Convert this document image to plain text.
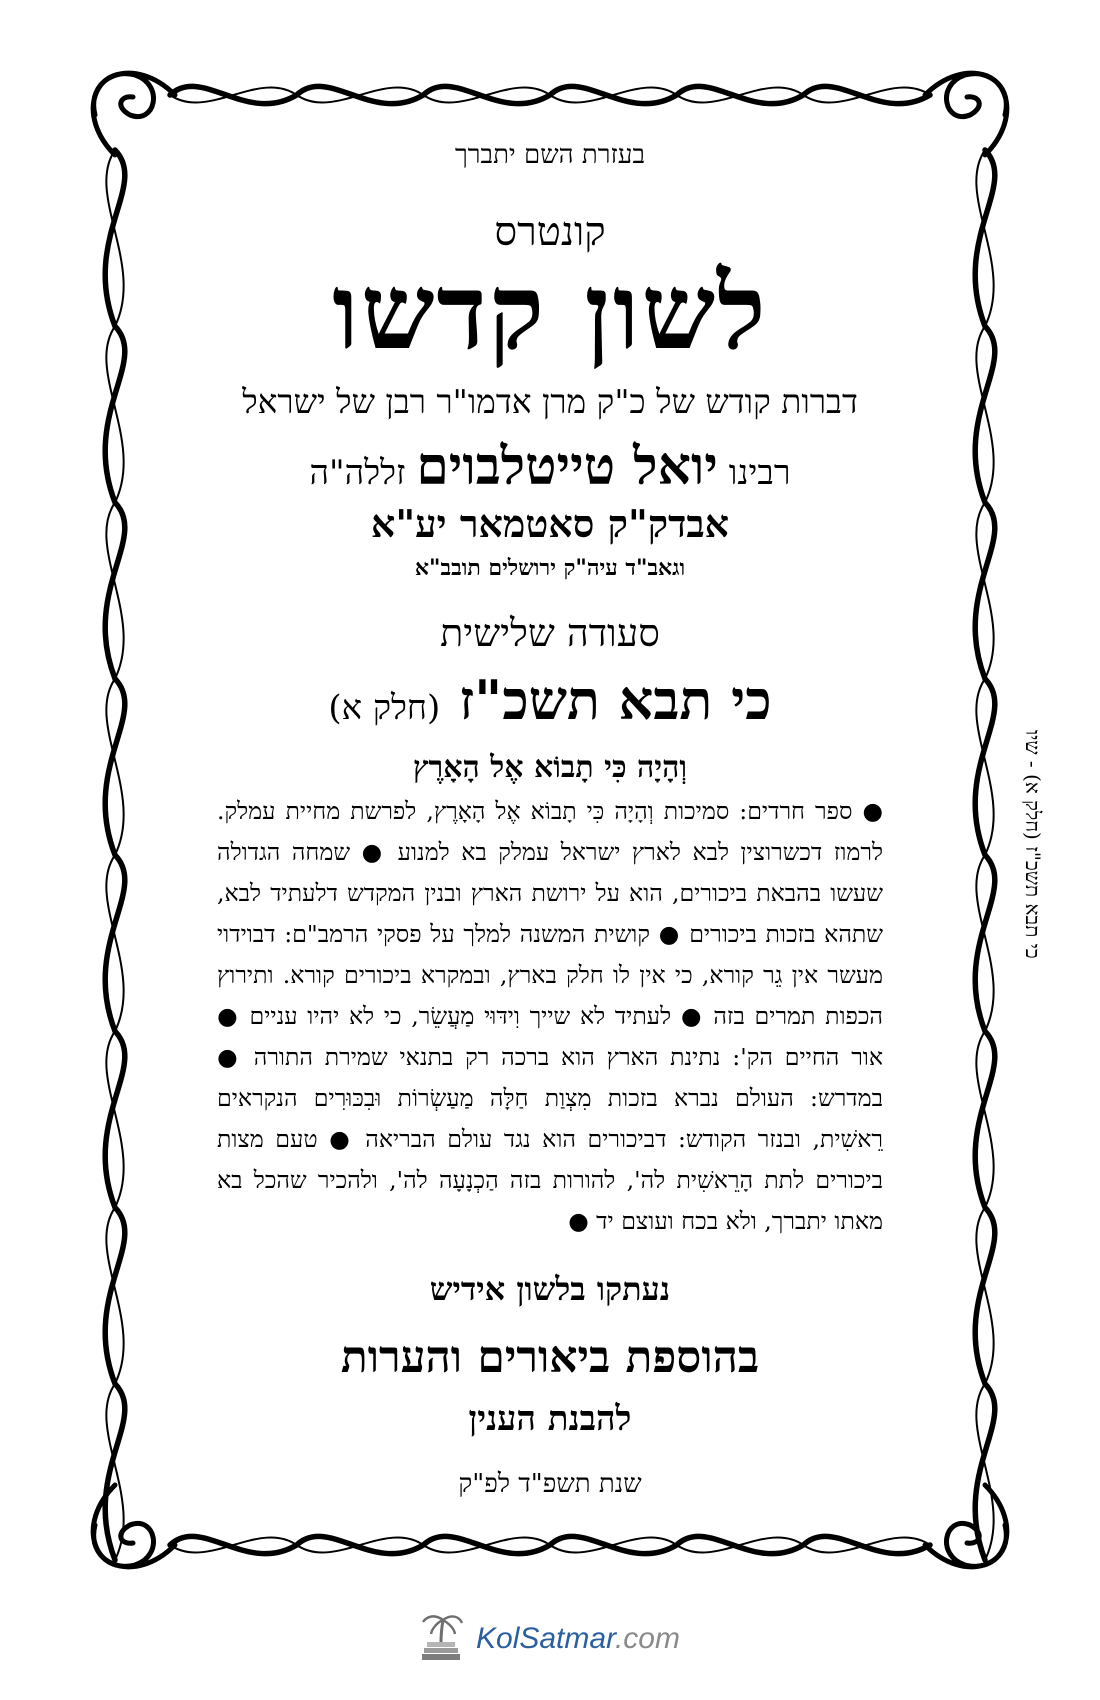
בעזרת השם יתברך
קונטרס
לשון קדשו
דברות קודש של כ"ק מרן אדמו"ר רבן של ישראל
רבינו יואל טייטלבוים זללה"ה
אבדק"ק סאטמאר יע"א
וגאב"ד עיה"ק ירושלים תובב"א
סעודה שלישית
כי תבא תשכ"ז (חלק א)
וְהָיָה כִּי תָבוֹא אֶל הָאָרֶץ
● ספר חרדים: סמיכות וְהָיָה כִּי תָבוֹא אֶל הָאָרֶץ, לפרשת מחיית עמלק. לרמוז דכשרוצין לבא לארץ ישראל עמלק בא למנוע ● שמחה הגדולה שעשו בהבאת ביכורים, הוא על ירושת הארץ ובנין המקדש דלעתיד לבא, שתהא בזכות ביכורים ● קושית המשנה למלך על פסקי הרמב"ם: דבוידוי מעשר אין גֵר קורא, כי אין לו חלק בארץ, ובמקרא ביכורים קורא. ותירוץ הכפות תמרים בזה ● לעתיד לא שייך וִידּוּי מַעֲשֵׂר, כי לא יהיו עניים ● אור החיים הק': נתינת הארץ הוא ברכה רק בתנאי שמירת התורה ● במדרש: העולם נברא בזכות מִצְוַת חַלָּה מַעַשְׂרוֹת וּבִכּוּרִים הנקראים רֵאשִׁית, ובנזר הקודש: דביכורים הוא נגד עולם הבריאה ● טעם מצות ביכורים לתת הָרֵאשִׁית לה', להורות בזה הַכְנָעָה לה', ולהכיר שהכל בא מאתו יתברך, ולא בכח ועוצם יד ●
נעתקו בלשון אידיש
בהוספת ביאורים והערות
להבנת הענין
שנת תשפ"ד לפ"ק
כי תבא תשכ"ז (חלק א) - שיו
KolSatmar.com
